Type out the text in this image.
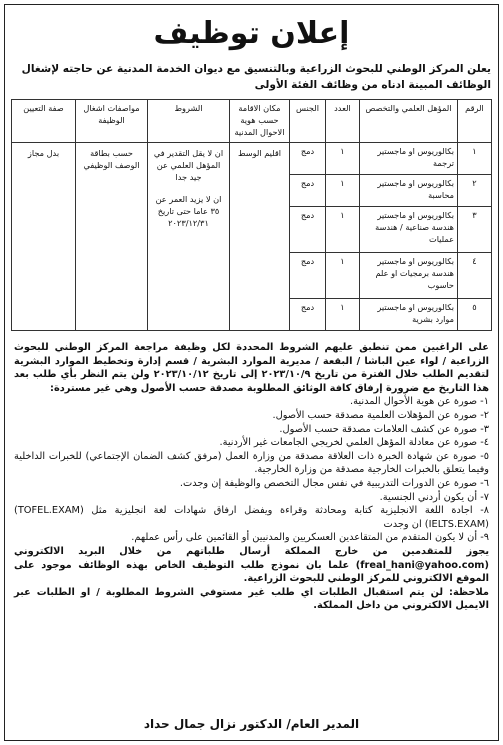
إعلان توظيف
يعلن المركز الوطني للبحوث الزراعية وبالتنسيق مع ديوان الخدمة المدنية عن حاجته لإشغال الوظائف المبينة ادناه من وظائف الفئة الأولى
الرقم	المؤهل العلمي والتخصص	العدد	الجنس	مكان الاقامة حسب هوية الاحوال المدنية	الشروط	مواصفات اشغال الوظيفة	صفة التعيين
١	بكالوريوس او ماجستير ترجمة	١	دمج	اقليم الوسط	ان لا يقل التقدير في المؤهل العلمي عن جيد جدا
ان لا يزيد العمر عن ٣٥ عاما حتى تاريخ ٢٠٢٣/١٢/٣١	حسب بطاقة الوصف الوظيفي	بدل مجاز
٢	بكالوريوس او ماجستير محاسبة	١	دمج				
٣	بكالوريوس او ماجستير هندسة صناعية / هندسة عمليات	١	دمج				
٤	بكالوريوس او ماجستير هندسة برمجيات او علم حاسوب	١	دمج				
٥	بكالوريوس او ماجستير موارد بشرية	١	دمج				

على الراغبين ممن تنطبق عليهم الشروط المحددة لكل وظيفة مراجعة المركز الوطني للبحوث الزراعية / لواء عين الباشا / البقعة / مديرية الموارد البشرية / قسم إدارة وتخطيط الموارد البشرية لتقديم الطلب خلال الفترة من تاريخ ٢٠٢٣/١٠/٩ إلى تاريخ ٢٠٢٣/١٠/١٢ ولن يتم النظر بأي طلب بعد هذا التاريخ مع ضرورة إرفاق كافة الوثائق المطلوبة مصدقة حسب الأصول وهي غير مستردة:

١- صورة عن هوية الأحوال المدنية.

٢- صورة عن المؤهلات العلمية مصدقة حسب الأصول.

٣- صورة عن كشف العلامات مصدقة حسب الأصول.

٤- صورة عن معادلة المؤهل العلمي لخريجي الجامعات غير الأردنية.

٥- صورة عن شهادة الخبرة ذات العلاقة مصدقة من وزارة العمل (مرفق كشف الضمان الإجتماعي) للخبرات الداخلية وفيما يتعلق بالخبرات الخارجية مصدقة من وزارة الخارجية.

٦- صورة عن الدورات التدريبية في نفس مجال التخصص والوظيفة إن وجدت.

٧- أن يكون أردني الجنسية.

٨- اجادة اللغة الانجليزية كتابة ومحادثة وقراءة ويفضل ارفاق شهادات لغة انجليزية مثل (TOFEL.EXAM) (IELTS.EXAM) ان وجدت

٩- أن لا يكون المتقدم من المتقاعدين العسكريين والمدنيين أو القائمين على رأس عملهم.

يجوز للمتقدمين من خارج المملكة أرسال طلباتهم من خلال البريد الالكتروني (freal_hani@yahoo.com) علما بان نموذج طلب التوظيف الخاص بهذه الوظائف موجود على الموقع الالكتروني للمركز الوطني للبحوث الزراعية.

ملاحظة: لن يتم استقبال الطلبات اي طلب غير مستوفي الشروط المطلوبة / او الطلبات عبر الايميل الالكتروني من داخل المملكة.

المدير العام/ الدكتور نزال جمال حداد
